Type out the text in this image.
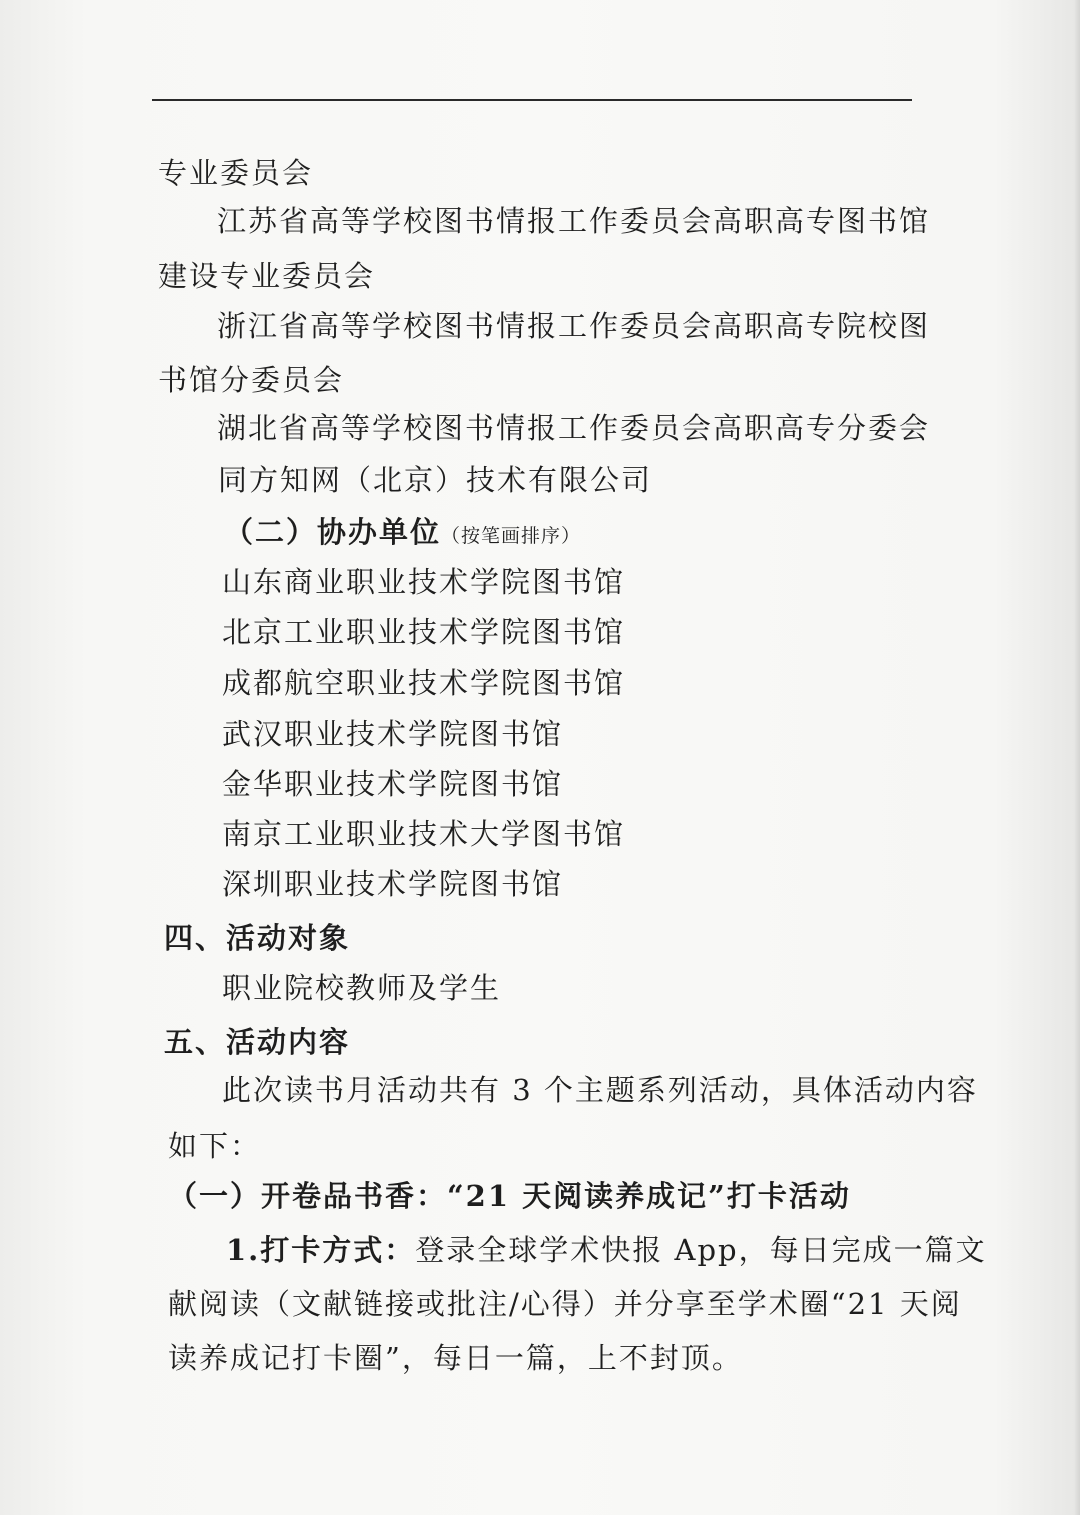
专业委员会
江苏省高等学校图书情报工作委员会高职高专图书馆
建设专业委员会
浙江省高等学校图书情报工作委员会高职高专院校图
书馆分委员会
湖北省高等学校图书情报工作委员会高职高专分委会
同方知网（北京）技术有限公司
（二）协办单位（按笔画排序）
山东商业职业技术学院图书馆
北京工业职业技术学院图书馆
成都航空职业技术学院图书馆
武汉职业技术学院图书馆
金华职业技术学院图书馆
南京工业职业技术大学图书馆
深圳职业技术学院图书馆
四、活动对象
职业院校教师及学生
五、活动内容
此次读书月活动共有 3 个主题系列活动，具体活动内容
如下：
（一）开卷品书香：“21 天阅读养成记”打卡活动
1.打卡方式：登录全球学术快报 App，每日完成一篇文
献阅读（文献链接或批注/心得）并分享至学术圈“21 天阅
读养成记打卡圈”，每日一篇，上不封顶。
